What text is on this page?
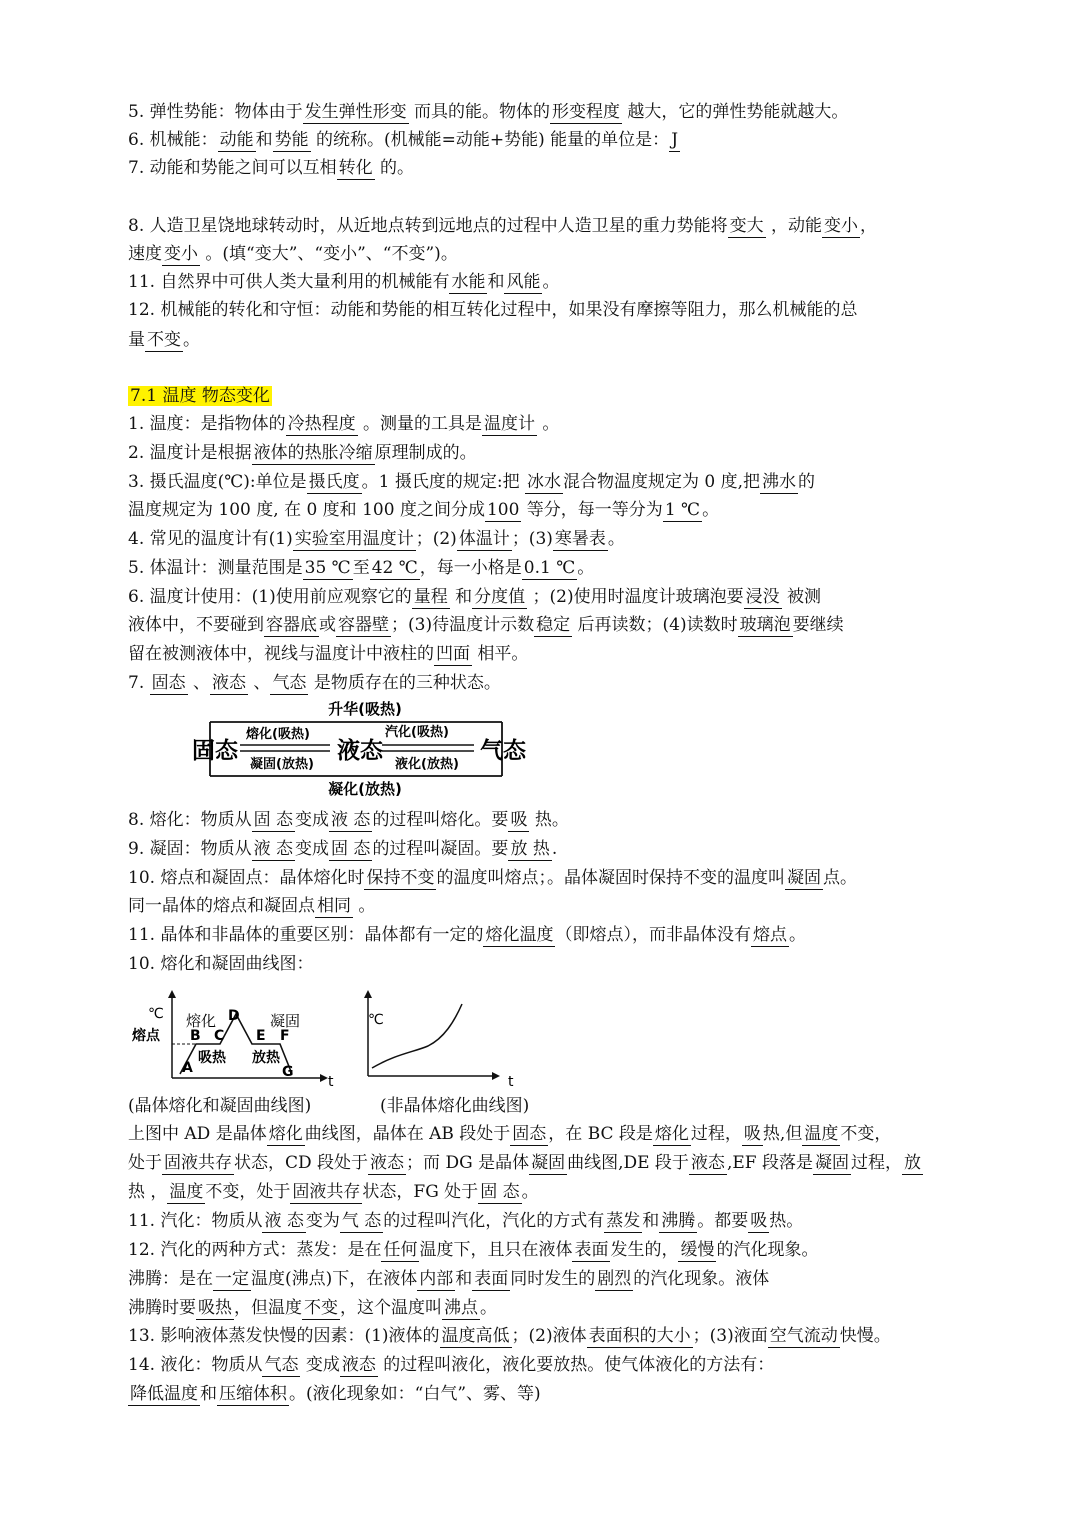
5. 弹性势能：物体由于 发生弹性形变 而具的能。物体的 形变程度 越大，它的弹性势能就越大。
6. 机械能： 动能 和 势能 的统称。(机械能=动能+势能) 能量的单位是： J
7. 动能和势能之间可以互相 转化 的。
8. 人造卫星饶地球转动时，从近地点转到远地点的过程中人造卫星的重力势能将 变大 ，动能 变小 ，
速度 变小 。(填“变大”、“变小”、“不变”)。
11. 自然界中可供人类大量利用的机械能有 水能 和 风能 。
12. 机械能的转化和守恒：动能和势能的相互转化过程中，如果没有摩擦等阻力，那么机械能的总
量 不变 。
7.1 温度 物态变化
1. 温度：是指物体的 冷热程度 。测量的工具是 温度计 。
2. 温度计是根据 液体的热胀冷缩 原理制成的。
3. 摄氏温度(℃):单位是 摄氏度 。1 摄氏度的规定:把 冰水 混合物温度规定为 0 度,把 沸水 的
温度规定为 100 度, 在 0 度和 100 度之间分成 100 等分，每一等分为 1 ℃ 。
4. 常见的温度计有(1) 实验室用温度计 ；(2) 体温计 ；(3) 寒暑表 。
5. 体温计：测量范围是 35 ℃ 至 42 ℃ ，每一小格是 0.1 ℃ 。
6. 温度计使用：(1)使用前应观察它的 量程 和 分度值 ；(2)使用时温度计玻璃泡要 浸没 被测
液体中，不要碰到 容器底 或 容器壁 ；(3)待温度计示数 稳定 后再读数；(4)读数时 玻璃泡 要继续
留在被测液体中，视线与温度计中液柱的 凹面 相平。
7. 固态 、 液态 、 气态 是物质存在的三种状态。
8. 熔化：物质从 固 态 变成 液 态 的过程叫熔化。要 吸 热。
9. 凝固：物质从 液 态 变成 固 态 的过程叫凝固。要 放 热 .
10. 熔点和凝固点：晶体熔化时 保持不变 的温度叫熔点；。晶体凝固时保持不变的温度叫 凝固 点。
同一晶体的熔点和凝固点 相同 。
11. 晶体和非晶体的重要区别：晶体都有一定的 熔化温度 （即熔点），而非晶体没有 熔点 。
10. 熔化和凝固曲线图：
上图中 AD 是晶体 熔化 曲线图，晶体在 AB 段处于 固态 ，在 BC 段是 熔化 过程， 吸 热,但 温度 不变，
处于 固液共存 状态，CD 段处于 液态 ；而 DG 是晶体 凝固 曲线图,DE 段于 液态 ,EF 段落是 凝固 过程， 放
热 ， 温度 不变，处于 固液共存 状态，FG 处于 固 态 。
11. 汽化：物质从 液 态 变为 气 态 的过程叫汽化，汽化的方式有 蒸发 和 沸腾 。都要 吸 热。
12. 汽化的两种方式：蒸发：是在 任何 温度下，且只在液体 表面 发生的， 缓慢 的汽化现象。
沸腾：是在 一定 温度(沸点)下，在液体 内部 和 表面 同时发生的 剧烈 的汽化现象。液体
沸腾时要 吸热 ，但温度 不变 ，这个温度叫 沸点 。
13. 影响液体蒸发快慢的因素：(1)液体的 温度高低 ；(2)液体 表面积的大小 ；(3)液面 空气流动 快慢。
14. 液化：物质从 气态 变成 液态 的过程叫液化，液化要放热。使气体液化的方法有：
降低温度 和 压缩体积 。(液化现象如：“白气”、雾、等)
升华(吸热)
固态	液态	气态
熔化(吸热)
凝固(放热)
汽化(吸热)
液化(放热)
凝化(放热)
℃ 熔化	凝固
熔点
A
B C
D
E F
G
吸热 放热
t
(晶体熔化和凝固曲线图)
℃
t
(非晶体熔化曲线图)
